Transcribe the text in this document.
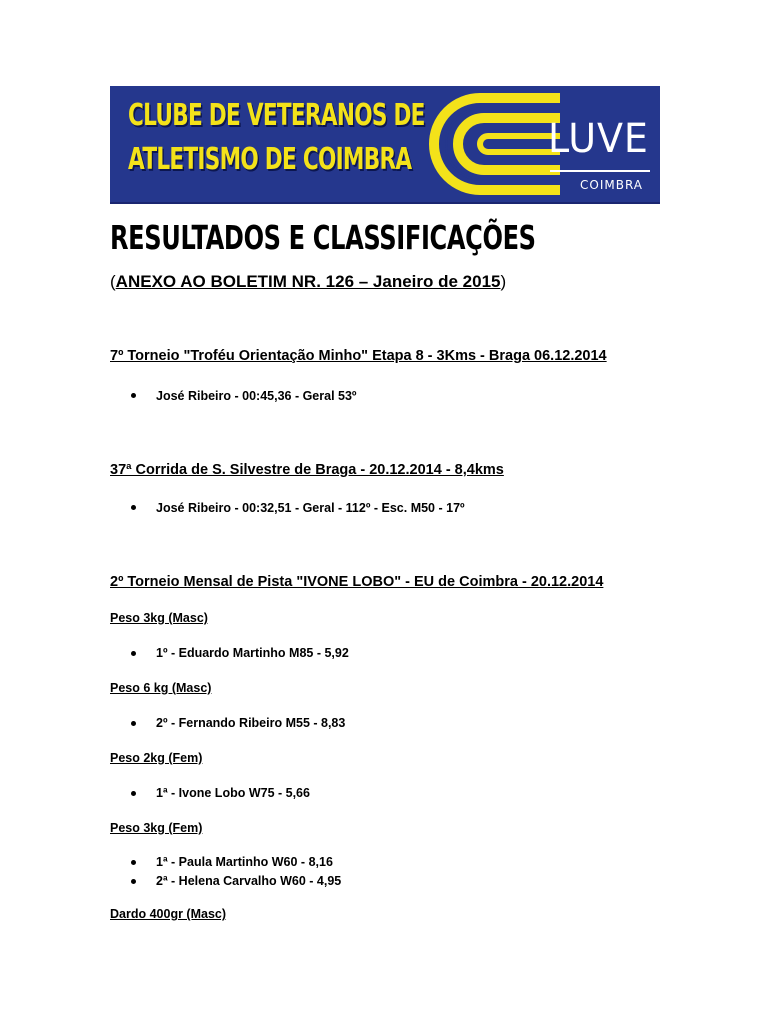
CLUBE DE VETERANOS DE
ATLETISMO DE COIMBRA	LUVE
COIMBRA
RESULTADOS E CLASSIFICAÇÕES

(ANEXO AO BOLETIM NR. 126 – Janeiro de 2015)

7º Torneio "Troféu Orientação Minho" Etapa 8 - 3Kms - Braga 06.12.2014

José Ribeiro - 00:45,36 - Geral 53º

37ª Corrida de S. Silvestre de Braga - 20.12.2014 - 8,4kms

José Ribeiro - 00:32,51 - Geral - 112º - Esc. M50 - 17º

2º Torneio Mensal de Pista "IVONE LOBO" - EU de Coimbra - 20.12.2014

Peso 3kg (Masc)

1º - Eduardo Martinho M85 - 5,92

Peso 6 kg (Masc)

2º - Fernando Ribeiro M55 - 8,83

Peso 2kg (Fem)

1ª - Ivone Lobo W75 - 5,66

Peso 3kg (Fem)

1ª - Paula Martinho W60 - 8,16

2ª - Helena Carvalho W60 - 4,95

Dardo 400gr (Masc)
